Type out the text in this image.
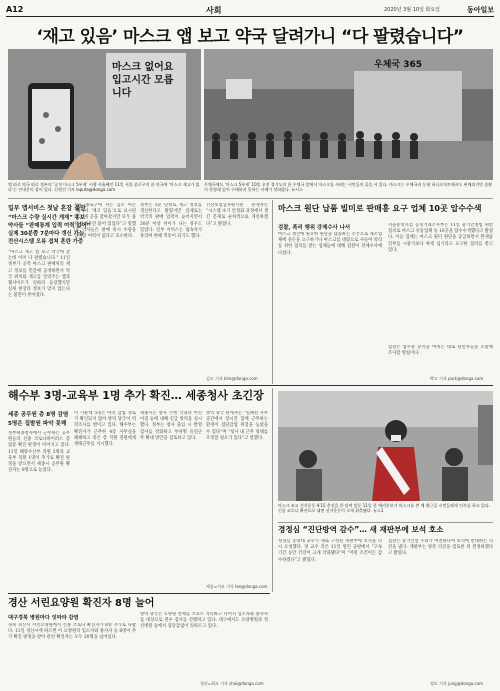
A12	사회	2020년 3월 10일 화요일	동아일보
‘재고 있음’ 마스크 앱 보고 약국 달려가니 “다 팔렸습니다”
마스크 없어요
입고시간 모릅니다
우체국 365
앱 따로 약국 따로 정부의 ‘공적 마스크 5부제’ 시행 사흘째인 11일 서울 종로구의 한 약국에 ‘마스크 재고가 없다’는 안내문이 붙어 있다. 신원건 기자 laputa@donga.com
우체국에도 ‘마스크 5부제’ 10일 오전 경기도의 한 우체국 앞에서 마스크를 사려는 시민들이 줄을 서 있다. 마스크는 우체국과 농협 하나로마트에서도 판매되지만 물량이 한정돼 있어 구매하지 못하는 사례가 잇따랐다. 뉴시스
일부 앱서비스 첫날 혼잡 불만
“마스크 수량 실시간 게재” 홍보
약사들 “판매통계 입력 여력 없어”
실제 30분쯤 7분마다 갱신 가능
전산시스템 오류 겹쳐 혼란 가중
“마스크 재고 앱 보고 약국에 갔는데 이미 다 팔렸습니다.” 11일 정부가 공적 마스크 판매처의 재고 정보를 민간에 공개하면서 약국 위치와 재고를 알려주는 앱과 웹사이트가 잇따라 등장했지만 실제 현장과 정보가 맞지 않는다는 불만이 쏟아졌다.
서울 종로구에 사는 김모 씨는 “앱에서 ‘재고 있음’으로 표시된 약국 세 곳을 찾아갔지만 모두 품절 안내문만 붙어 있었다”고 말했다. 약사들은 판매 즉시 수량을 입력할 여력이 없다고 호소한다.
정부는 5분 단위로 재고 정보를 갱신한다고 밝혔지만 실제로는 약국의 판매 입력이 늦어지면서 30분 이상 차이가 나는 경우도 있었다. 일부 서비스는 접속자가 몰리며 한때 먹통이 되기도 했다.
건강보험심사평가원 관계자는 “시스템 초기 안정화 과정에서 생긴 문제로 순차적으로 개선하겠다”고 밝혔다.
김모 기자 kim@donga.com
마스크 원단 납품 빌미로 판매홍 요구 업체 10곳 압수수색
검찰, 폭리 행위 강제수사 나서
마스크 생산에 필요한 원단을 납품하는 조건으로 제조업체에 웃돈을 요구하거나 마스크를 대량으로 사들여 폭리를 취한 혐의를 받는 업체들에 대해 검찰이 강제수사에 나섰다.
서울중앙지검 공정거래조사부는 11일 물가안정법 위반 혐의로 마스크 유통업체 등 10곳을 압수수색했다고 밝혔다. 이들 업체는 마스크 필터 원단을 공급하면서 완제품 일부를 시중가보다 싸게 넘기라고 요구한 혐의를 받고 있다.
검찰은 압수물 분석을 마치는 대로 관련자들을 소환해 조사할 방침이다.
박모 기자 park@donga.com
해수부 3명-교육부 1명 추가 확진… 세종청사 초긴장
세종 공무원 총 8명 감염
5명은 집발원 파악 못해
정부세종청사에서 근무하는 공무원들의 신종 코로나바이러스 감염증 확진 판정이 이어지고 있다. 11일 해양수산부 직원 3명과 교육부 직원 1명이 추가로 확진 판정을 받으면서 세종시 공무원 확진자는 8명으로 늘었다.
이 가운데 5명은 아직 감염 경로가 확인되지 않아 방역 당국이 역학조사를 벌이고 있다. 해수부는 확진자가 근무한 4층 사무실을 폐쇄하고 같은 층 직원 전원에게 재택근무를 지시했다.
세종시는 청사 주변 식당과 어린이집 등에 대해 긴급 방역을 실시했다. 정부는 청사 출입 시 발열 검사를 강화하고 부처별 유연근무 확대 방안을 검토하고 있다.
방역 당국 관계자는 “밀폐된 사무 공간에서 장시간 함께 근무하는 환경이 집단감염 위험을 높였을 수 있다”며 “청사 내 근무 형태를 조정할 필요가 있다”고 말했다.
세종=이모 기자 lee@donga.com
마스크 쓰고 선거운동 4·15 총선을 한 달여 앞둔 11일 한 예비후보가 마스크를 쓴 채 출근길 시민들에게 인사를 하고 있다. 신종 코로나 확산으로 대면 선거운동이 크게 위축됐다. 뉴스1
경정심 “진단방역 감수”… 새 재판부에 보석 호소
정경심 동양대 교수가 새로 구성된 재판부에 보석을 다시 요청했다. 정 교수 측은 11일 열린 공판에서 “구속 기간 동안 건강이 크게 악화됐다”며 “어떤 조건이든 감수하겠다”고 밝혔다.
검찰은 증거인멸 우려가 여전하다며 보석에 반대하는 의견을 냈다. 재판부는 양측 의견을 검토한 뒤 결정하겠다고 밝혔다.
정모 기자 jung@donga.com
경산 서린요양원 확진자 8명 늘어
대구경북 병원마다 잇따라 감염
경북 경산시 서린요양원에서 신종 코로나 확진자가 8명 추가로 나왔다. 11일 경산시에 따르면 이 요양원의 입소자와 종사자 등 8명이 추가 확진 판정을 받아 관련 확진자는 모두 20명을 넘어섰다.
방역 당국은 요양원 전체를 코호트 격리하고 나머지 입소자와 종사자를 대상으로 전수 검사를 진행하고 있다. 대구에서도 요양병원과 정신병원 등에서 집단감염이 잇따르고 있다.
경산=최모 기자 choi@donga.com
